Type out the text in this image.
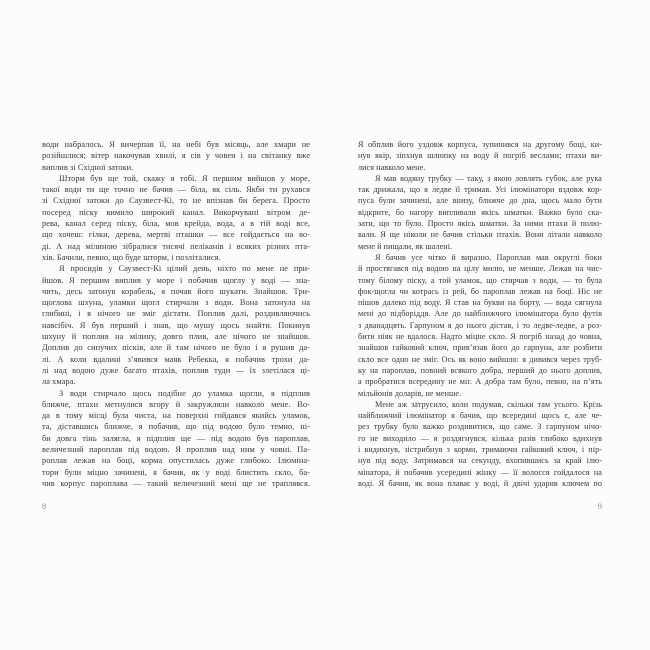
води набралось. Я вичерпав її, на небі був місяць, але хмари не
розійшлися; вітер накочував хвилі, я сів у човен і на світанку вже
виплив зі Східної затоки.
Шторм був ще той, скажу я тобі. Я першим вийшов у море,
такої води ти ще точно не бачив — біла, як сіль. Якби ти рухався
зі Східної затоки до Саузвест-Кі, то не впізнав би берега. Просто
посеред піску вимило широкий канал. Викорчувані вітром де-
рева, канал серед піску, біла, мов крейда, вода, а в тій воді все,
що хочеш: гілки, дерева, мертві пташки — все гойдається на во-
ді. А над мілиною зібралися тисячі пеліканів і всяких різних пта-
хів. Бачили, певно, що буде шторм, і позліталися.
Я просидів у Саузвест-Кі цілий день, ніхто по мене не при-
йшов. Я першим виплив у море і побачив щоглу у воді — зна-
чить, десь затонув корабель, я почав його шукати. Знайшов. Три-
щоглова шхуна, уламки щогл стирчали з води. Вона затонула на
глибині, і я нічого не зміг дістати. Поплив далі, роздивляючись
навсібіч. Я був перший і знав, що мушу щось знайти. Покинув
шхуну й поплив на мілину, довго плив, але нічого не знайшов.
Доплив до сипучих пісків, але й там нічого не було і я рушив да-
лі. А коли вдалині з’явився маяк Ребекка, я побачив трохи да-
лі над водою дуже багато птахів, поплив туди — їх злетілася ці-
ла хмара.
З води стирчало щось подібне до уламка щогли, я підплив
ближче, птахи метнулися вгору й закружляли навколо мене. Во-
да в тому місці була чиста, на поверхні гойдався якийсь уламок,
та, діставшись ближче, я побачив, що під водою було темно, ні-
би довга тінь залягла, я підплив ще — під водою був пароплав,
величезний пароплав під водою. Я проплив над ним у човні. Па-
роплав лежав на боці, корма опустилась дуже глибоко. Ілюміна-
тори були міцно зачинені, я бачив, як у воді блистить скло, ба-
чив корпус пароплава — такий величезний мені ще не траплявся.
8
Я обплив його уздовж корпуса, зупинився на другому боці, ки-
нув якір, зіпхнув шлюпку на воду й погріб веслами; птахи ви-
лися навколо мене.
Я мав водяну трубку — таку, з якою ловлять губок, але рука
так дрижала, що я ледве її тримав. Усі ілюмінатори вздовж кор-
пуса були зачинені, але внизу, ближче до дна, щось мало бути
відкрите, бо нагору випливали якісь шматки. Важко було ска-
зати, що то було. Просто якісь шматки. За ними птахи й полю-
вали. Я ще ніколи не бачив стільки птахів. Вони літали навколо
мене й пищали, як шалені.
Я бачив усе чітко й виразно. Пароплав мав округлі боки
й простягався під водою на цілу милю, не менше. Лежав на чис-
тому білому піску, а той уламок, що стирчав з води, — то була
фок-щогла чи котрась із рей, бо пароплав лежав на боці. Ніс не
пішов далеко під воду. Я став на букви на борту, — вода сягнула
мені до підборіддя. Але до найближчого ілюмінатора було футів
з дванадцять. Гарпуном я до нього дістав, і то ледве-ледве, а роз-
бити ніяк не вдалося. Надто міцне скло. Я погріб назад до човна,
знайшов гайковий ключ, прив’язав його до гарпуна, але розбити
скло все одно не зміг. Ось як воно вийшло: я дивився через труб-
ку на пароплав, повний всякого добра, перший до нього доплив,
а пробратися всередину не міг. А добра там було, певно, на п’ять
мільйонів доларів, не менше.
Мене аж затрусило, коли подумав, скільки там усього. Крізь
найближчий ілюмінатор я бачив, що всередині щось є, але че-
рез трубку було важко роздивитися, що саме. З гарпуном нічо-
го не виходило — я роздягнувся, кілька разів глибоко вдихнув
і видихнув, зістрибнув з корми, тримаючи гайковий ключ, і пір-
нув під воду. Затримався на секунду, вхопившись за край ілю-
мінатора, й побачив усередині жінку — її волосся гойдалося на
воді. Я бачив, як вона плаває у воді, й двічі ударив ключем по
9
